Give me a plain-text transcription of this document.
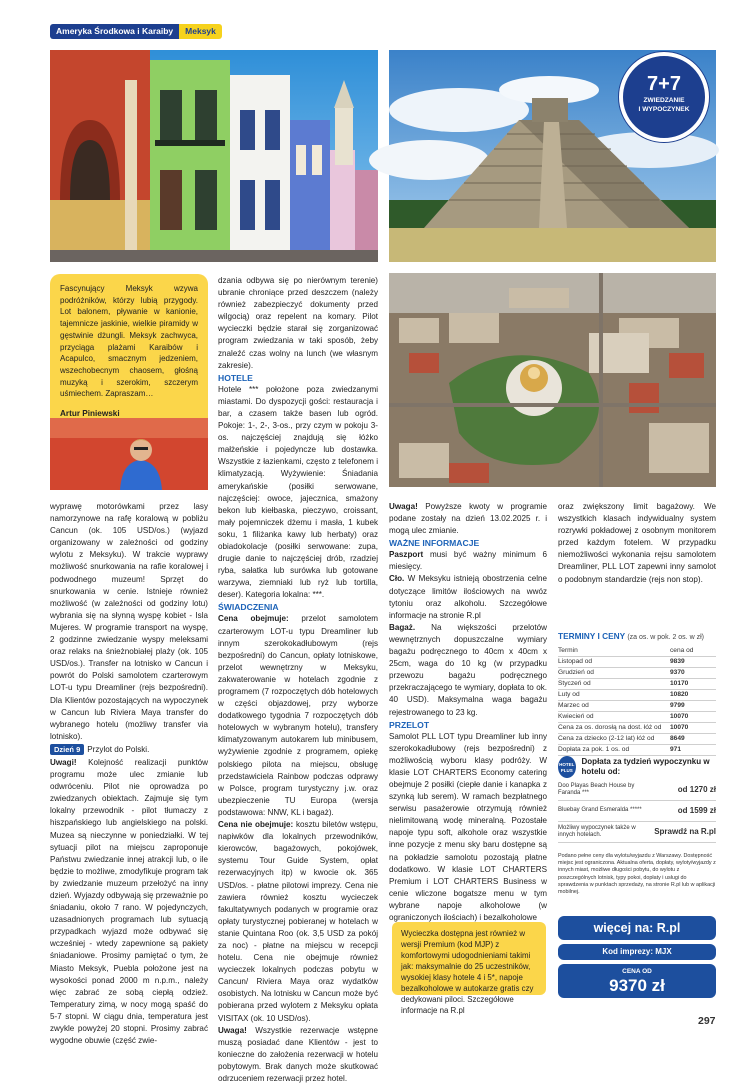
Ameryka Środkowa i Karaiby	Meksyk
7+7
ZWIEDZANIE
I WYPOCZYNEK
Fascynujący Meksyk wzywa podróżników, którzy lubią przygody. Lot balonem, pływanie w kanionie, tajemnicze jaskinie, wielkie piramidy w gęstwinie dżungli. Meksyk zachwyca, przyciąga plażami Karaibów i Acapulco, smacznym jedzeniem, wszechobecnym chaosem, głośną muzyką i szerokim, szczerym uśmiechem. Zapraszam…
Artur Piniewski

dzania odbywa się po nierównym terenie) ubranie chroniące przed deszczem (należy również zabezpieczyć dokumenty przed wilgocią) oraz repelent na komary. Pilot wycieczki będzie starał się zorganizować program zwiedzania w taki sposób, żeby znaleźć czas wolny na lunch (we własnym zakresie).

HOTELE

Hotele *** położone poza zwiedzanymi miastami. Do dyspozycji gości: restauracja i bar, a czasem także basen lub ogród. Pokoje: 1-, 2-, 3-os., przy czym w pokoju 3-os. najczęściej znajdują się łóżko małżeńskie i pojedyncze lub dostawka. Wszystkie z łazienkami, często z telefonem i klimatyzacją. Wyżywienie: Śniadania amerykańskie (posiłki serwowane, najczęściej: owoce, jajecznica, smażony bekon lub kiełbaska, pieczywo, croissant, mały pojemniczek dżemu i masła, 1 kubek soku, 1 filiżanka kawy lub herbaty) oraz obiadokolacje (posiłki serwowane: zupa, drugie danie to najczęściej drób, rzadziej ryba, sałatka lub surówka lub gotowane warzywa, ziemniaki lub ryż lub tortilla, deser). Kategoria lokalna: ***.

ŚWIADCZENIA

Cena obejmuje: przelot samolotem czarterowym LOT-u typu Dreamliner lub innym szerokokadłubowym (rejs bezpośredni) do Cancun, opłaty lotniskowe, przelot wewnętrzny w Meksyku, zakwaterowanie w hotelach zgodnie z programem (7 rozpoczętych dób hotelowych w części objazdowej, przy wyborze dodatkowego tygodnia 7 rozpoczętych dób hotelowych w wybranym hotelu), transfery klimatyzowanym autokarem lub minibusem, wyżywienie zgodnie z programem, opiekę polskiego pilota na miejscu, obsługę przedstawiciela Rainbow podczas odprawy w Polsce, program turystyczny j.w. oraz ubezpieczenie TU Europa (wersja podstawowa: NNW, KL i bagaż).

Cena nie obejmuje: kosztu biletów wstępu, napiwków dla lokalnych przewodników, kierowców, bagażowych, pokojówek, systemu Tour Guide System, opłat rezerwacyjnych itp) w kwocie ok. 365 USD/os. - płatne pilotowi imprezy. Cena nie zawiera również kosztu wycieczek fakultatywnych podanych w programie oraz opłaty turystycznej pobieranej w hotelach w stanie Quintana Roo (ok. 3,5 USD za pokój za noc) - płatne na miejscu w recepcji hotelu. Cena nie obejmuje również wycieczek lokalnych podczas pobytu w Cancun/ Riviera Maya oraz wydatków osobistych. Na lotnisku w Cancun może być pobierana przed wylotem z Meksyku opłata VISITAX (ok. 10 USD/os).

Uwaga! Wszystkie rezerwacje wstępne muszą posiadać dane Klientów - jest to konieczne do założenia rezerwacji w hotelu pobytowym. Brak danych może skutkować odrzuceniem rezerwacji przez hotel.

wyprawę motorówkami przez lasy namorzynowe na rafę koralową w pobliżu Cancun (ok. 105 USD/os.) (wyjazd organizowany w zależności od godziny wylotu z Meksyku). W trakcie wyprawy możliwość snurkowania na rafie koralowej i podwodnego muzeum! Sprzęt do snurkowania w cenie. Istnieje również możliwość (w zależności od godziny lotu) wybrania się na słynną wyspę kobiet - Isla Mujeres. W programie transport na wyspę, 2 godzinne zwiedzanie wyspy meleksami oraz relaks na śnieżnobiałej plaży (ok. 105 USD/os.). Transfer na lotnisko w Cancun i powrót do Polski samolotem czarterowym LOT-u typu Dreamliner (rejs bezpośredni). Dla Klientów pozostających na wypoczynek w Cancun lub Riviera Maya transfer do wybranego hotelu (możliwy transfer via lotnisko).

Dzień 9 Przylot do Polski.

Uwagi! Kolejność realizacji punktów programu może ulec zmianie lub odwróceniu. Pilot nie oprowadza po zwiedzanych obiektach. Zajmuje się tym lokalny przewodnik - pilot tłumaczy z hiszpańskiego lub angielskiego na polski. Muzea są nieczynne w poniedziałki. W tej sytuacji pilot na miejscu zaproponuje Państwu zwiedzanie innej atrakcji lub, o ile będzie to możliwe, zmodyfikuje program tak by zwiedzanie muzeum przełożyć na inny dzień. Wyjazdy odbywają się przeważnie po śniadaniu, około 7 rano. W pojedynczych, uzasadnionych programach lub sytuacją przypadkach wyjazd może odbywać się wcześniej - wtedy zapewnione są pakiety śniadaniowe. Prosimy pamiętać o tym, że Miasto Meksyk, Puebla położone jest na wysokości ponad 2000 m n.p.m., należy więc zabrać ze sobą ciepłą odzież. Temperatury zimą, w nocy mogą spaść do 5-7 stopni. W ciągu dnia, temperatura jest zwykle powyżej 20 stopni. Prosimy zabrać wygodne obuwie (część zwie-

Uwaga! Powyższe kwoty w programie podane zostały na dzień 13.02.2025 r. i mogą ulec zmianie.

WAŻNE INFORMACJE

Paszport musi być ważny minimum 6 miesięcy.

Cło. W Meksyku istnieją obostrzenia celne dotyczące limitów ilościowych na wwóz tytoniu oraz alkoholu. Szczegółowe informacje na stronie R.pl

Bagaż. Na większości przelotów wewnętrznych dopuszczalne wymiary bagażu podręcznego to 40cm x 40cm x 25cm, waga do 10 kg (w przypadku przewozu bagażu podręcznego przekraczającego te wymiary, dopłata to ok. 40 USD). Maksymalna waga bagażu rejestrowanego to 23 kg.

PRZELOT

Samolot PLL LOT typu Dreamliner lub inny szerokokadłubowy (rejs bezpośredni) z możliwością wyboru klasy podróży. W klasie LOT CHARTERS Economy catering obejmuje 2 posiłki (ciepłe danie i kanapka z szynką lub serem). W ramach bezpłatnego serwisu pasażerowie otrzymują również nielimitowaną wodę mineralną. Pozostałe napoje typu soft, alkohole oraz wszystkie inne pozycje z menu sky baru dostępne są na pokładzie samolotu pozostają płatne dodatkowo. W klasie LOT CHARTERS Premium i LOT CHARTERS Business w cenie wliczone bogatsze menu w tym wybrane napoje alkoholowe (w ograniczonych ilościach) i bezalkoholowe

oraz zwiększony limit bagażowy. We wszystkich klasach indywidualny system rozrywki pokładowej z osobnym monitorem przed każdym fotelem. W przypadku niemożliwości wykonania rejsu samolotem Dreamliner, PLL LOT zapewni inny samolot o podobnym standardzie (rejs non stop).

TERMINY I CENY (za os. w pok. 2 os. w zł)
Termin	cena od
Listopad od	9839
Grudzień od	9370
Styczeń od	10170
Luty od	10820
Marzec od	9799
Kwiecień od	10070
Cena za os. dorosłą na dost. łóż od	10070
Cena za dziecko (2-12 lat) łóż od	8649
Dopłata za pok. 1 os. od	971
HOTEL PLUS
Dopłata za tydzień wypoczynku w hotelu od:
Doo Playas Beach House by Faranda ***	od 1270 zł
Bluebay Grand Esmeralda *****	od 1599 zł
Możliwy wypoczynek także w innych hotelach.	Sprawdź na R.pl
Podano pełne ceny dla wylotu/wyjazdu z Warszawy. Dostępność miejsc jest ograniczona. Aktualna oferta, dopłaty, wyloty/wyjazdy z innych miast, możliwe długości pobytu, do wylotu z poszczególnych lotnisk, typy pokoi, dopłaty i usługi do sprawdzenia w punktach sprzedaży, na stronie R.pl lub w aplikacji mobilnej.
więcej na: R.pl
Kod imprezy: MJX
CENA OD
9370 zł
Wycieczka dostępna jest również w wersji Premium (kod MJP) z komfortowymi udogodnieniami takimi jak: maksymalnie do 25 uczestników, wysokiej klasy hotele 4 i 5*, napoje bezalkoholowe w autokarze gratis czy dedykowani piloci. Szczegółowe informacje na R.pl
297
